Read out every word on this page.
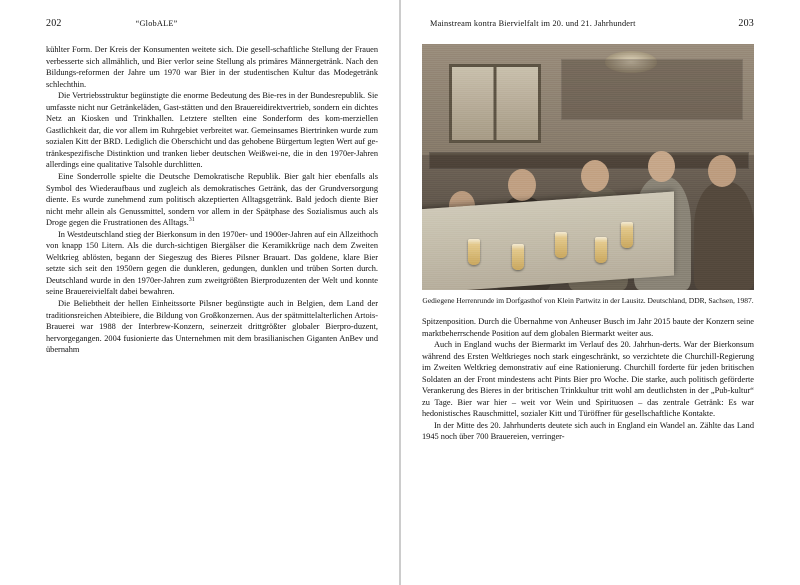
202	“GlobALE”

kühlter Form. Der Kreis der Konsumenten weitete sich. Die gesell-schaftliche Stellung der Frauen verbesserte sich allmählich, und Bier verlor seine Stellung als primäres Männergetränk. Nach den Bildungs-reformen der Jahre um 1970 war Bier in der studentischen Kultur das Modegetränk schlechthin.

Die Vertriebsstruktur begünstigte die enorme Bedeutung des Bie-res in der Bundesrepublik. Sie umfasste nicht nur Getränkeläden, Gast-stätten und den Brauereidirektvertrieb, sondern ein dichtes Netz an Kiosken und Trinkhallen. Letztere stellten eine Sonderform des kom-merziellen Gastlichkeit dar, die vor allem im Ruhrgebiet verbreitet war. Gemeinsames Biertrinken wurde zum sozialen Kitt der BRD. Lediglich die Oberschicht und das gehobene Bürgertum legten Wert auf ge-tränkespezifische Distinktion und tranken lieber deutschen Weißwei-ne, die in den 1970er-Jahren allerdings eine qualitative Talsohle durchlitten.

Eine Sonderrolle spielte die Deutsche Demokratische Republik. Bier galt hier ebenfalls als Symbol des Wiederaufbaus und zugleich als demokratisches Getränk, das der Grundversorgung diente. Es wurde zunehmend zum politisch akzeptierten Alltagsgetränk. Bald jedoch diente Bier nicht mehr allein als Genussmittel, sondern vor allem in der Spätphase des Sozialismus auch als Droge gegen die Frustrationen des Alltags.$^{31}$

In Westdeutschland stieg der Bierkonsum in den 1970er- und 1900er-Jahren auf ein Allzeithoch von knapp 150 Litern. Als die durch-sichtigen Biergälser die Keramikkrüge nach dem Zweiten Weltkrieg ablösten, begann der Siegeszug des Bieres Pilsner Brauart. Das goldene, klare Bier setzte sich seit den 1950ern gegen die dunkleren, gedungen, dunklen und trüben Sorten durch. Deutschland wurde in den 1970er-Jahren zum zweitgrößten Bierproduzenten der Welt und konnte seine Brauereivielfalt dabei bewahren.

Die Beliebtheit der hellen Einheitssorte Pilsner begünstigte auch in Belgien, dem Land der traditionsreichen Abteibiere, die Bildung von Großkonzernen. Aus der spätmittelalterlichen Artois-Brauerei war 1988 der Interbrew-Konzern, seinerzeit drittgrößter globaler Bierpro-duzent, hervorgegangen. 2004 fusionierte das Unternehmen mit dem brasilianischen Giganten AnBev und übernahm

Mainstream kontra Biervielfalt im 20. und 21. Jahrhundert	203
Gediegene Herrenrunde im Dorfgasthof von Klein Partwitz in der Lausitz. Deutschland, DDR, Sachsen, 1987.

Spitzenposition. Durch die Übernahme von Anheuser Busch im Jahr 2015 baute der Konzern seine marktbeherrschende Position auf dem globalen Biermarkt weiter aus.

Auch in England wuchs der Biermarkt im Verlauf des 20. Jahrhun-derts. War der Bierkonsum während des Ersten Weltkrieges noch stark eingeschränkt, so verzichtete die Churchill-Regierung im Zweiten Weltkrieg demonstrativ auf eine Rationierung. Churchill forderte für jeden britischen Soldaten an der Front mindestens acht Pints Bier pro Woche. Die starke, auch politisch geförderte Verankerung des Bieres in der britischen Trinkkultur tritt wohl am deutlichsten in der „Pub-kultur“ zu Tage. Bier war hier – weit vor Wein und Spirituosen – das zentrale Getränk: Es war hedonistisches Rauschmittel, sozialer Kitt und Türöffner für gesellschaftliche Kontakte.

In der Mitte des 20. Jahrhunderts deutete sich auch in England ein Wandel an. Zählte das Land 1945 noch über 700 Brauereien, verringer-
